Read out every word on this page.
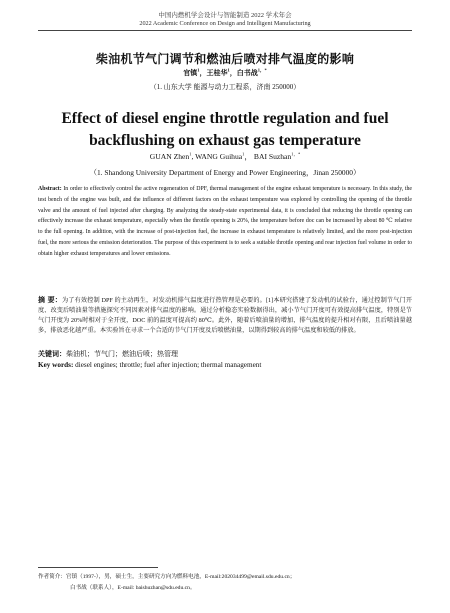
中国内燃机学会设计与智能制造 2022 学术年会
2022 Academic Conference on Design and Intelligent Manufacturing
柴油机节气门调节和燃油后喷对排气温度的影响
官镇$^1$，王桂华$^1$，白书战$^{1,*}$
（1. 山东大学 能源与动力工程系，济南 250000）
Effect of diesel engine throttle regulation and fuel backflushing on exhaust gas temperature
GUAN Zhen$^1$, WANG Guihua$^1$， BAI Suzhan$^{1,*}$
（1. Shandong University Department of Energy and Power Engineering，Jinan 250000）
Abstract: In order to effectively control the active regeneration of DPF, thermal management of the engine exhaust temperature is necessary. In this study, the test bench of the engine was built, and the influence of different factors on the exhaust temperature was explored by controlling the opening of the throttle valve and the amount of fuel injected after charging. By analyzing the steady-state experimental data, it is concluded that reducing the throttle opening can effectively increase the exhaust temperature, especially when the throttle opening is 20%, the temperature before doc can be increased by about 80 ℃ relative to the full opening. In addition, with the increase of post-injection fuel, the increase in exhaust temperature is relatively limited, and the more post-injection fuel, the more serious the emission deterioration. The purpose of this experiment is to seek a suitable throttle opening and rear injection fuel volume in order to obtain higher exhaust temperatures and lower emissions.
摘 要：为了有效控制 DPF 的主动再生，对发动机排气温度进行热管理是必要的。[1]本研究搭建了发动机的试验台，通过控制节气门开度、改变后喷油量等措施探究不同因素对排气温度的影响。通过分析稳态实验数据得出，减小节气门开度可有效提高排气温度，特别是节气门开度为 20%时相对于全开度，DOC 前的温度可提高约 80℃。此外，随着后喷油量的增加，排气温度的提升相对有限，且后喷油量越多，排放恶化越严重。本实验旨在寻求一个合适的节气门开度及后喷燃油量，以期得到较高的排气温度和较低的排放。
关键词：柴油机；节气门；燃油后喷；热管理
Key words: diesel engines; throttle; fuel after injection; thermal management
作者简介：官镇（1997-），男，硕士生，主要研究方向为燃料电池，E-mail:202034499@email.sdu.edu.cn；
白书战（联系人），E-mail: baishuzhan@sdu.edu.cn。
